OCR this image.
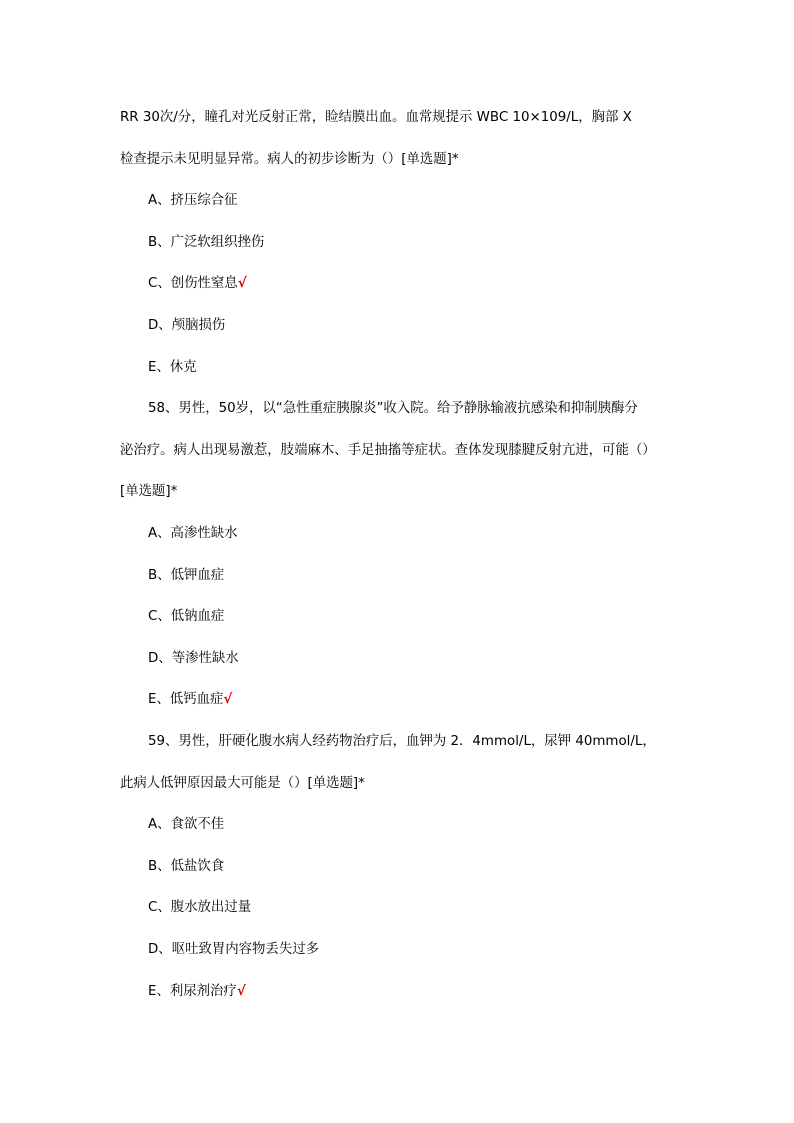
RR 30次/分，瞳孔对光反射正常，睑结膜出血。血常规提示 WBC 10×109/L，胸部 X
检查提示未见明显异常。病人的初步诊断为（）[单选题]*
A、挤压综合征
B、广泛软组织挫伤
C、创伤性窒息√
D、颅脑损伤
E、休克
58、男性，50岁，以“急性重症胰腺炎”收入院。给予静脉输液抗感染和抑制胰酶分
泌治疗。病人出现易激惹，肢端麻木、手足抽搐等症状。查体发现膝腱反射亢进，可能（）
[单选题]*
A、高渗性缺水
B、低钾血症
C、低钠血症
D、等渗性缺水
E、低钙血症√
59、男性，肝硬化腹水病人经药物治疗后，血钾为 2．4mmol/L，尿钾 40mmol/L，
此病人低钾原因最大可能是（）[单选题]*
A、食欲不佳
B、低盐饮食
C、腹水放出过量
D、呕吐致胃内容物丢失过多
E、利尿剂治疗√
